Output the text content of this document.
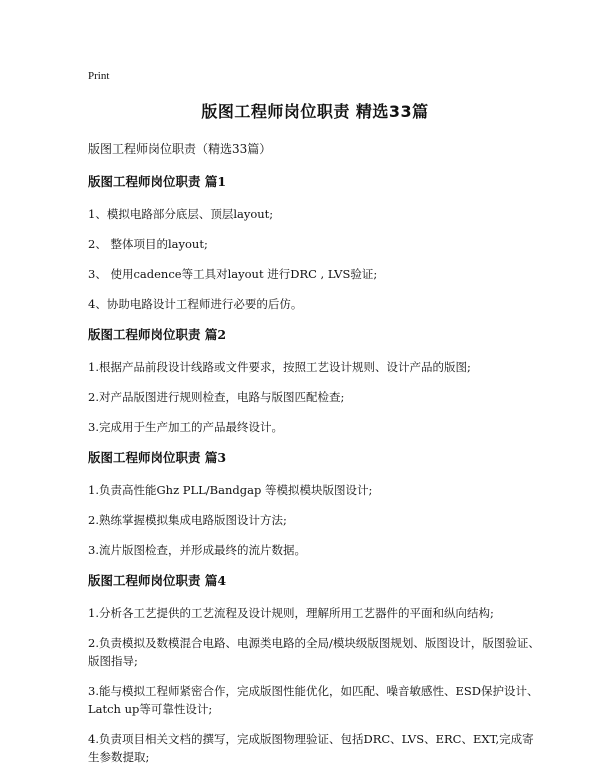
Print
版图工程师岗位职责 精选33篇
版图工程师岗位职责（精选33篇）
版图工程师岗位职责 篇1
1、模拟电路部分底层、顶层layout;
2、 整体项目的layout;
3、 使用cadence等工具对layout 进行DRC , LVS验证;
4、协助电路设计工程师进行必要的后仿。
版图工程师岗位职责 篇2
1.根据产品前段设计线路或文件要求，按照工艺设计规则、设计产品的版图;
2.对产品版图进行规则检查，电路与版图匹配检查;
3.完成用于生产加工的产品最终设计。
版图工程师岗位职责 篇3
1.负责高性能Ghz PLL/Bandgap 等模拟模块版图设计;
2.熟练掌握模拟集成电路版图设计方法;
3.流片版图检查，并形成最终的流片数据。
版图工程师岗位职责 篇4
1.分析各工艺提供的工艺流程及设计规则，理解所用工艺器件的平面和纵向结构;
2.负责模拟及数模混合电路、电源类电路的全局/模块级版图规划、版图设计，版图验证、版图指导;
3.能与模拟工程师紧密合作，完成版图性能优化，如匹配、噪音敏感性、ESD保护设计、Latch up等可靠性设计;
4.负责项目相关文档的撰写，完成版图物理验证、包括DRC、LVS、ERC、EXT,完成寄生参数提取;
